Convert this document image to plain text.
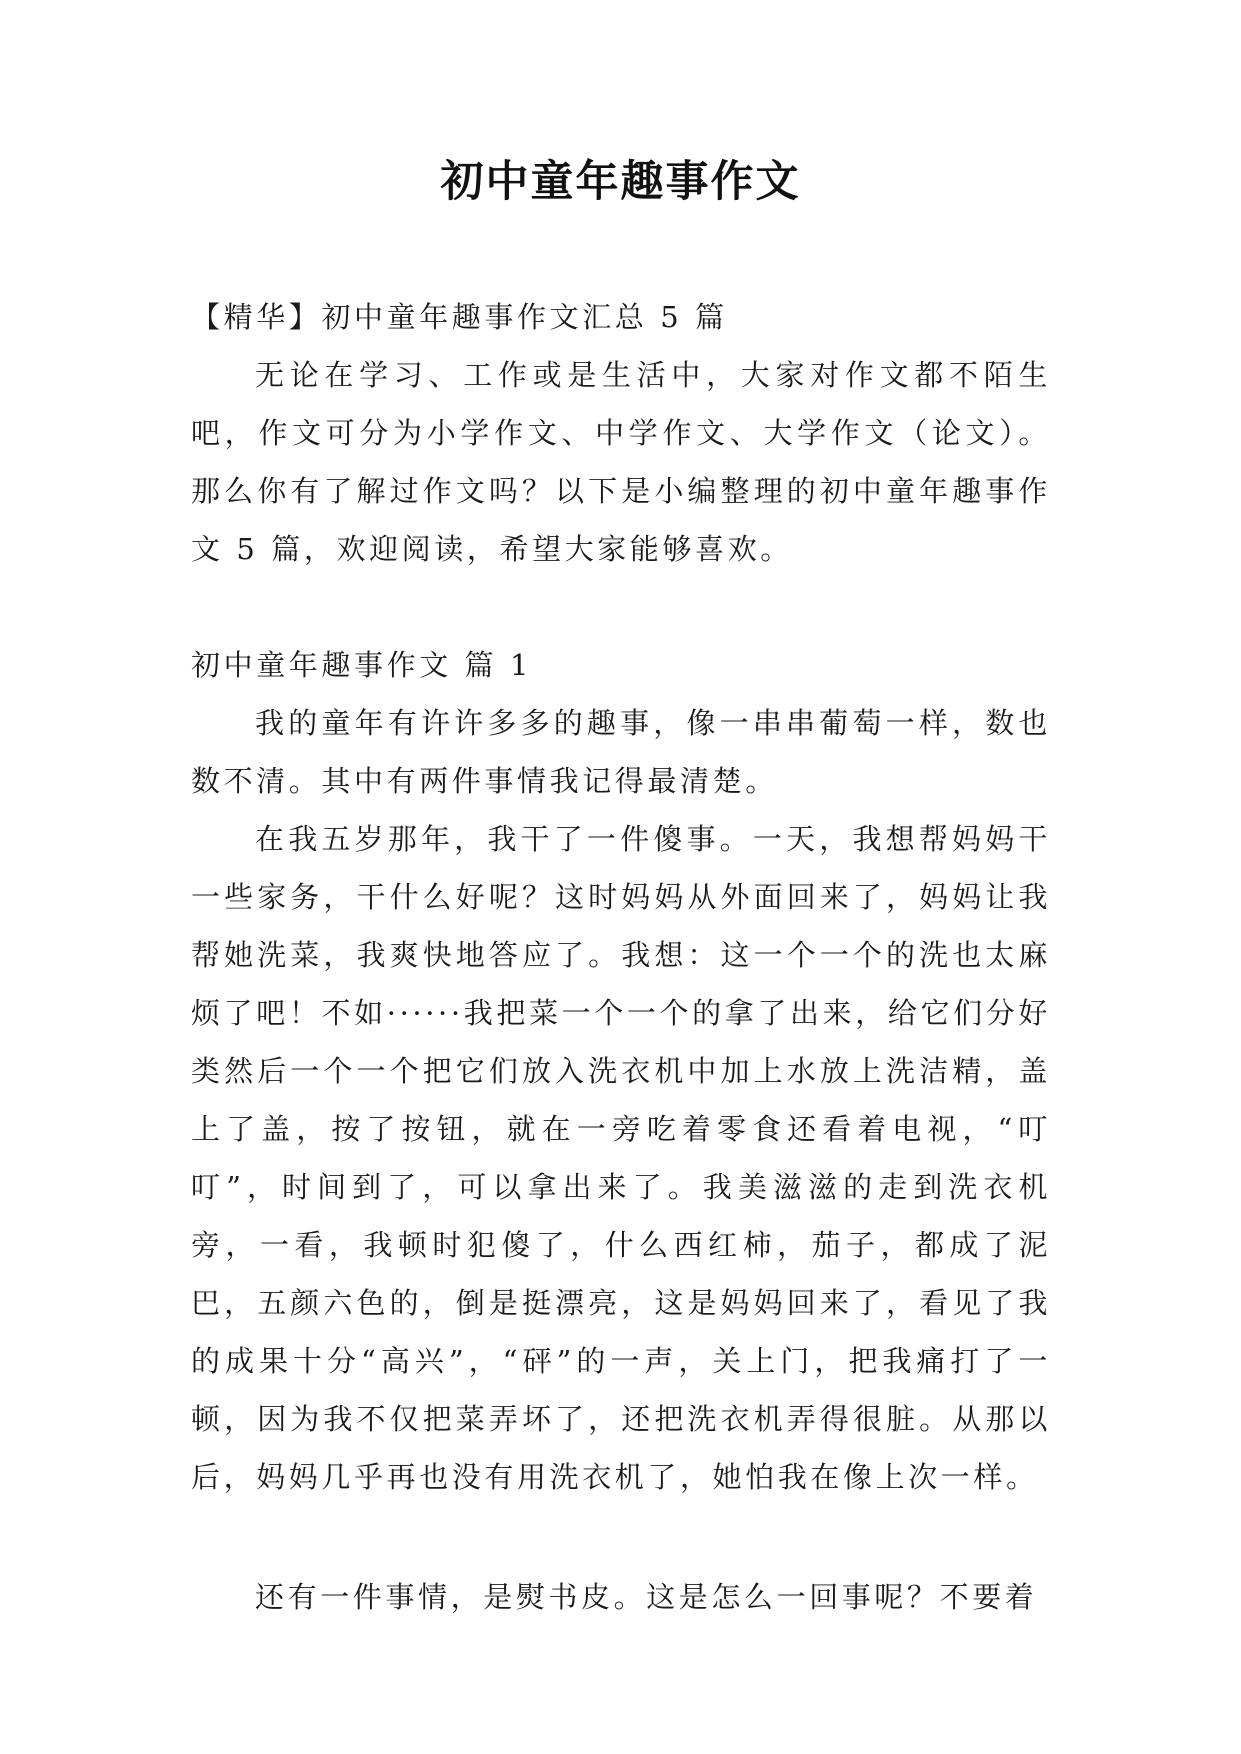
初中童年趣事作文
【精华】初中童年趣事作文汇总 5 篇
无论在学习、工作或是生活中，大家对作文都不陌生吧，作文可分为小学作文、中学作文、大学作文（论文）。那么你有了解过作文吗？以下是小编整理的初中童年趣事作文 5 篇，欢迎阅读，希望大家能够喜欢。
初中童年趣事作文 篇 1
我的童年有许许多多的趣事，像一串串葡萄一样，数也数不清。其中有两件事情我记得最清楚。
在我五岁那年，我干了一件傻事。一天，我想帮妈妈干一些家务，干什么好呢？这时妈妈从外面回来了，妈妈让我帮她洗菜，我爽快地答应了。我想：这一个一个的洗也太麻烦了吧！不如······我把菜一个一个的拿了出来，给它们分好类然后一个一个把它们放入洗衣机中加上水放上洗洁精，盖上了盖，按了按钮，就在一旁吃着零食还看着电视，“叮叮”，时间到了，可以拿出来了。我美滋滋的走到洗衣机旁，一看，我顿时犯傻了，什么西红柿，茄子，都成了泥巴，五颜六色的，倒是挺漂亮，这是妈妈回来了，看见了我的成果十分“高兴”，“砰”的一声，关上门，把我痛打了一顿，因为我不仅把菜弄坏了，还把洗衣机弄得很脏。从那以后，妈妈几乎再也没有用洗衣机了，她怕我在像上次一样。
还有一件事情，是熨书皮。这是怎么一回事呢？不要着
